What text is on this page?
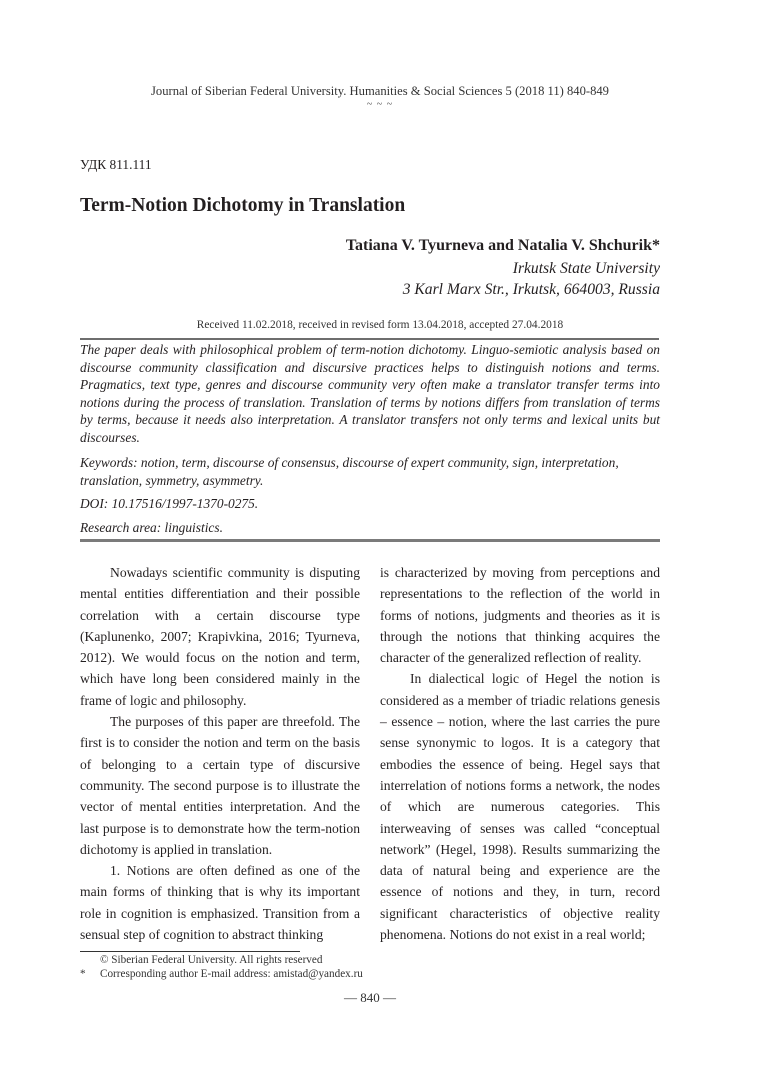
Journal of Siberian Federal University. Humanities & Social Sciences 5 (2018 11) 840-849
~ ~ ~
УДК 811.111
Term-Notion Dichotomy in Translation
Tatiana V. Tyurneva and Natalia V. Shchurik*
Irkutsk State University
3 Karl Marx Str., Irkutsk, 664003, Russia
Received 11.02.2018, received in revised form 13.04.2018, accepted 27.04.2018
The paper deals with philosophical problem of term-notion dichotomy. Linguo-semiotic analysis based on discourse community classification and discursive practices helps to distinguish notions and terms. Pragmatics, text type, genres and discourse community very often make a translator transfer terms into notions during the process of translation. Translation of terms by notions differs from translation of terms by terms, because it needs also interpretation. A translator transfers not only terms and lexical units but discourses.
Keywords: notion, term, discourse of consensus, discourse of expert community, sign, interpretation, translation, symmetry, asymmetry.
DOI: 10.17516/1997-1370-0275.
Research area: linguistics.

Nowadays scientific community is disputing mental entities differentiation and their possible correlation with a certain discourse type (Kaplunenko, 2007; Krapivkina, 2016; Tyurneva, 2012). We would focus on the notion and term, which have long been considered mainly in the frame of logic and philosophy.

The purposes of this paper are threefold. The first is to consider the notion and term on the basis of belonging to a certain type of discursive community. The second purpose is to illustrate the vector of mental entities interpretation. And the last purpose is to demonstrate how the term-notion dichotomy is applied in translation.

1. Notions are often defined as one of the main forms of thinking that is why its important role in cognition is emphasized. Transition from a sensual step of cognition to abstract thinking

is characterized by moving from perceptions and representations to the reflection of the world in forms of notions, judgments and theories as it is through the notions that thinking acquires the character of the generalized reflection of reality.

In dialectical logic of Hegel the notion is considered as a member of triadic relations genesis – essence – notion, where the last carries the pure sense synonymic to logos. It is a category that embodies the essence of being. Hegel says that interrelation of notions forms a network, the nodes of which are numerous categories. This interweaving of senses was called “conceptual network” (Hegel, 1998). Results summarizing the data of natural being and experience are the essence of notions and they, in turn, record significant characteristics of objective reality phenomena. Notions do not exist in a real world;

© Siberian Federal University. All rights reserved
* Corresponding author E-mail address: amistad@yandex.ru
— 840 —
